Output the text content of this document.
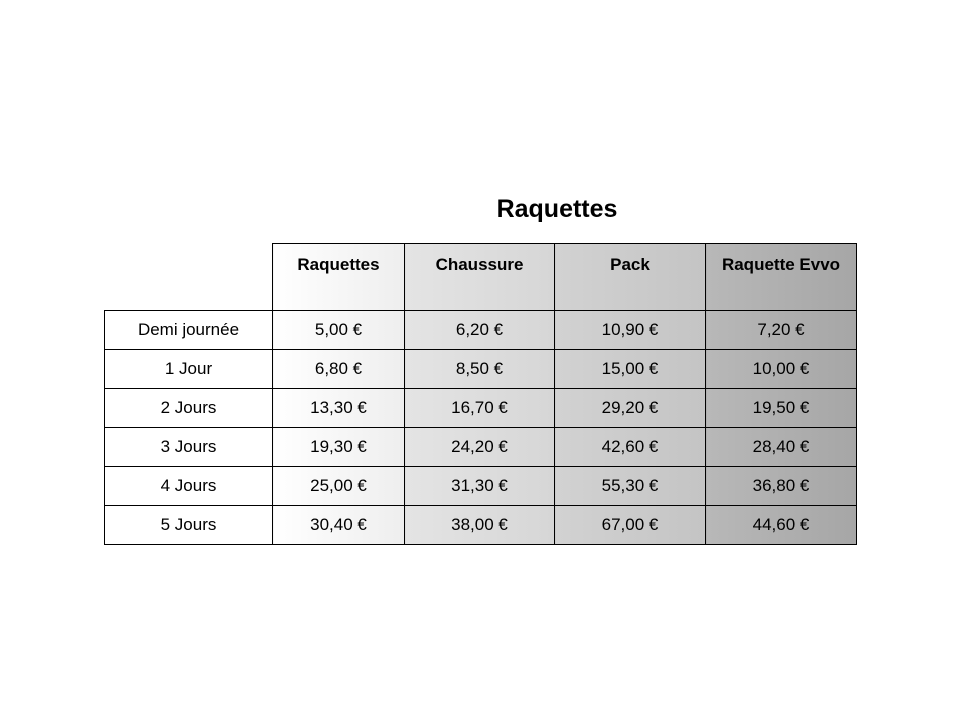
Raquettes
	Raquettes	Chaussure	Pack	Raquette Evvo
Demi journée	5,00 €	6,20 €	10,90 €	7,20 €
1 Jour	6,80 €	8,50 €	15,00 €	10,00 €
2 Jours	13,30 €	16,70 €	29,20 €	19,50 €
3 Jours	19,30 €	24,20 €	42,60 €	28,40 €
4 Jours	25,00 €	31,30 €	55,30 €	36,80 €
5 Jours	30,40 €	38,00 €	67,00 €	44,60 €
